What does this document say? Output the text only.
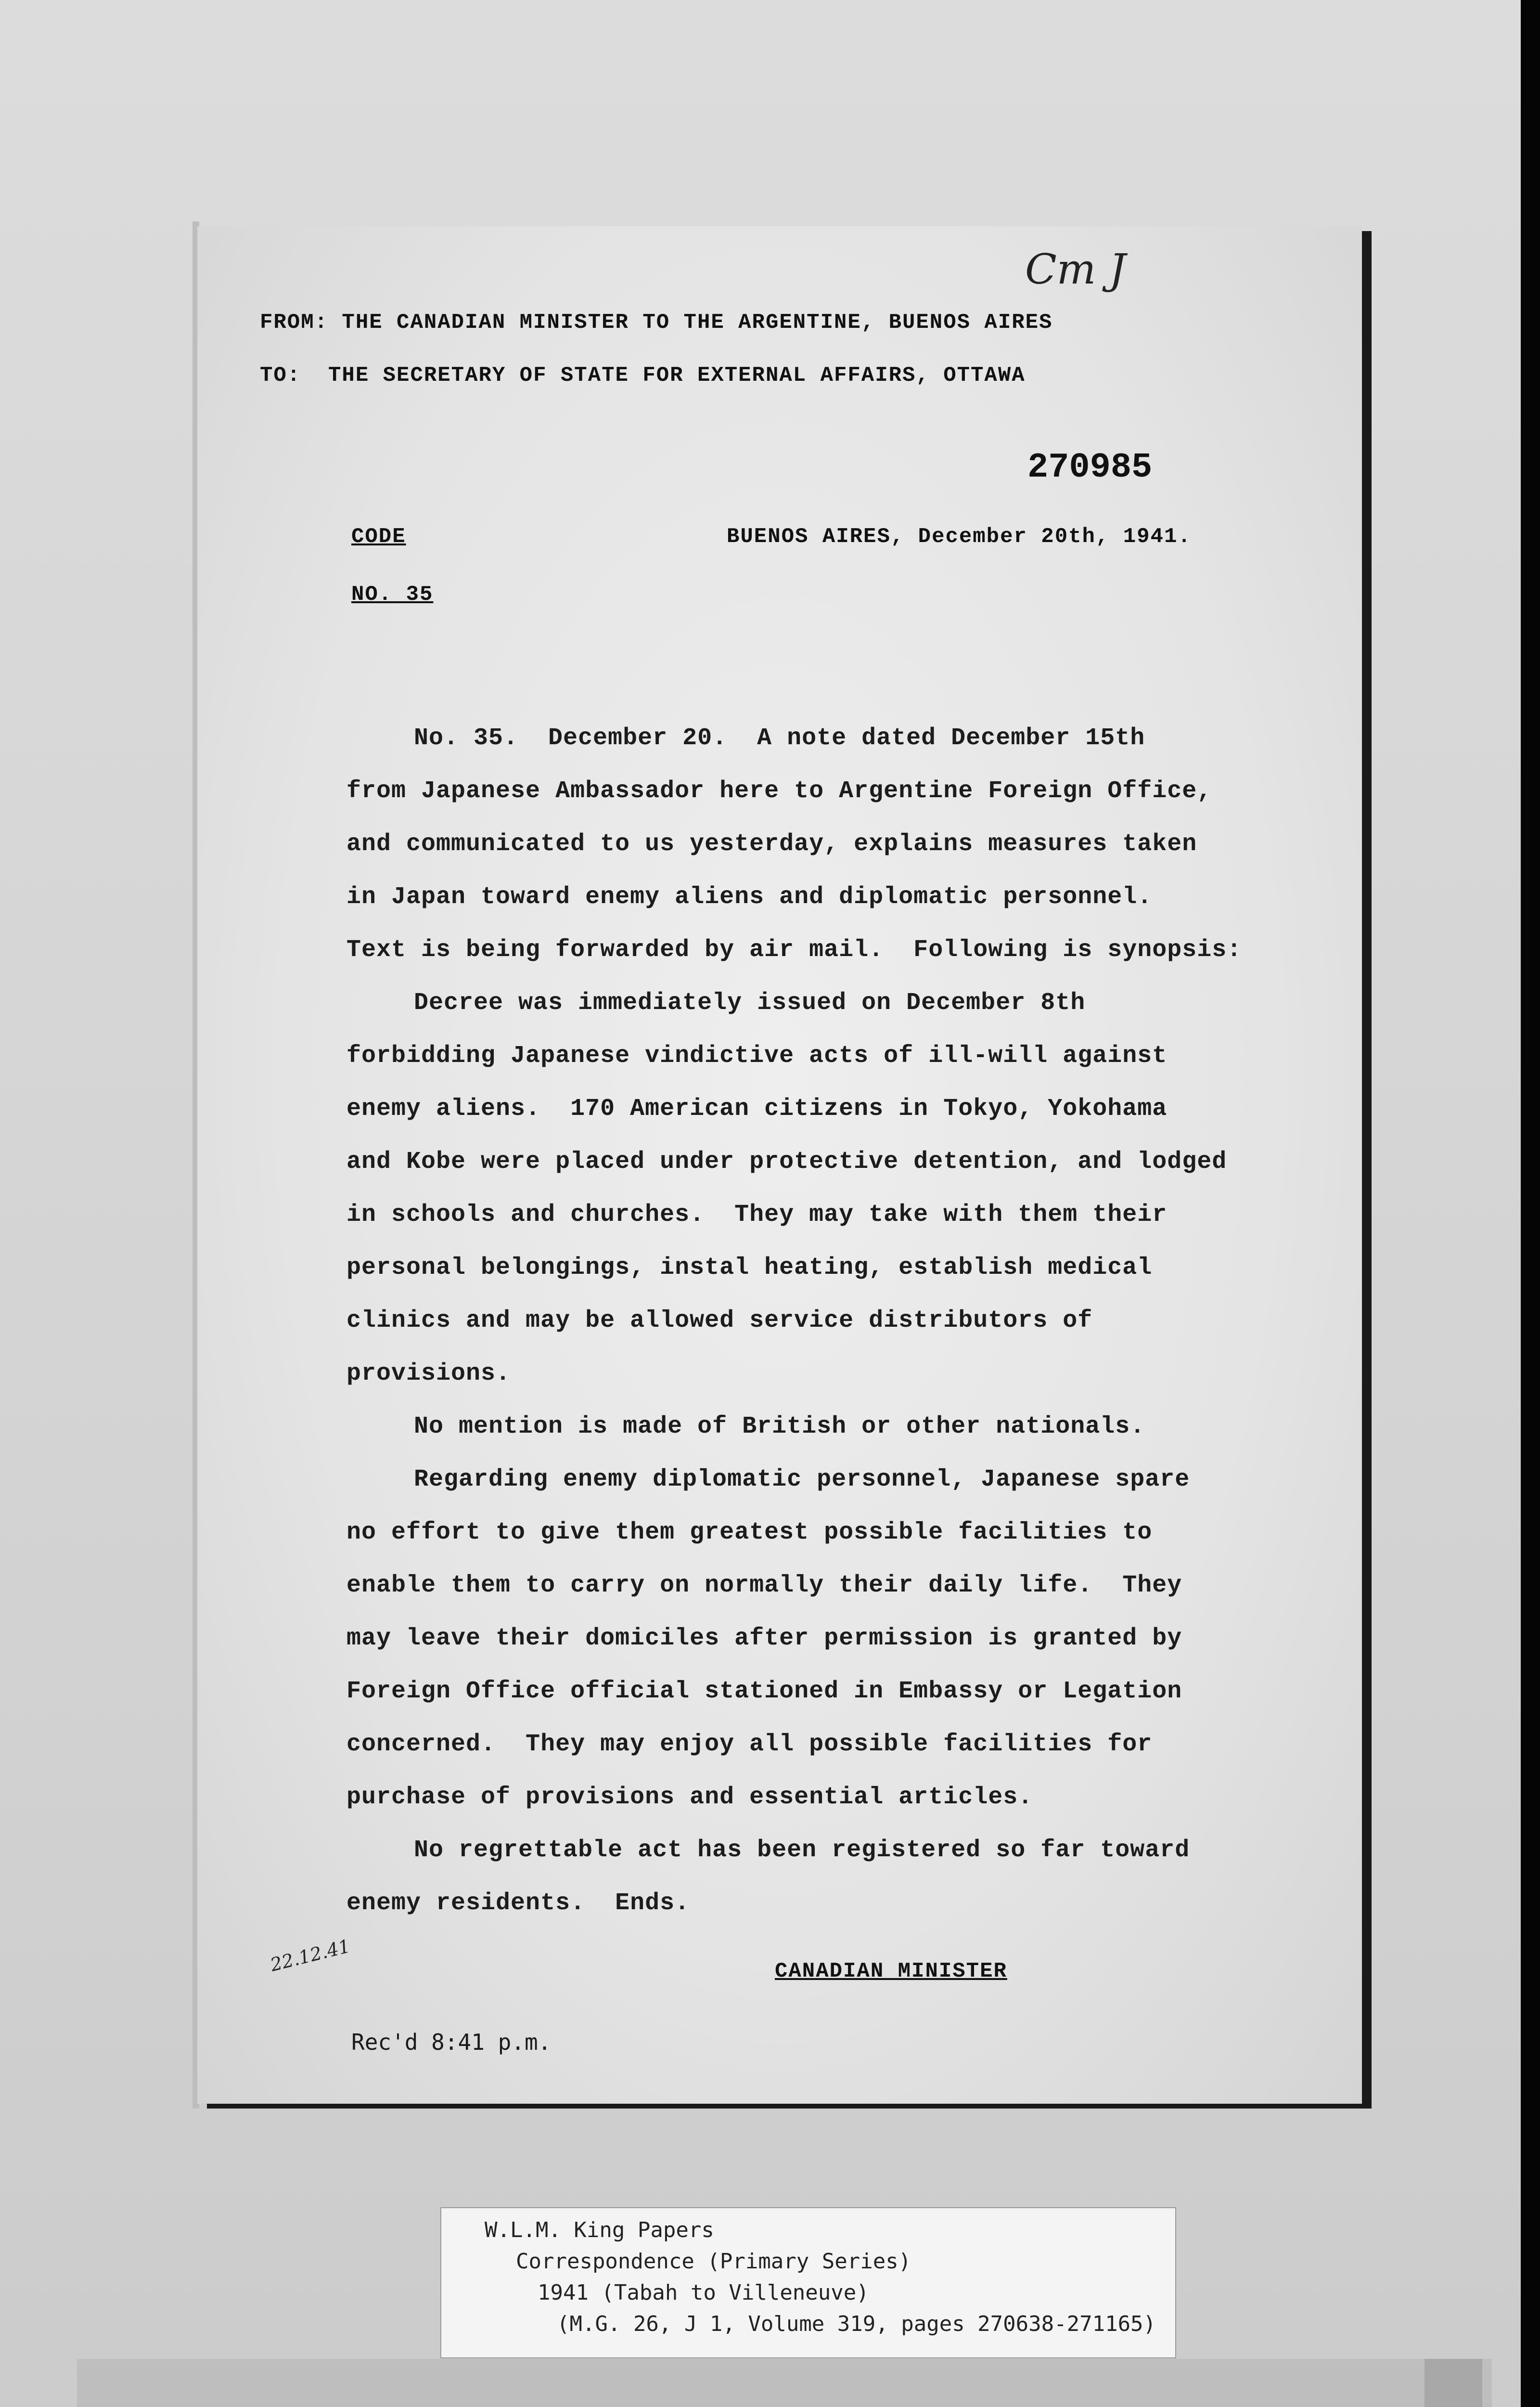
FROM: THE CANADIAN MINISTER TO THE ARGENTINE, BUENOS AIRES
TO:  THE SECRETARY OF STATE FOR EXTERNAL AFFAIRS, OTTAWA
270985
CODE	BUENOS AIRES, December 20th, 1941.
NO. 35
No. 35.  December 20.  A note dated December 15th
from Japanese Ambassador here to Argentine Foreign Office,
and communicated to us yesterday, explains measures taken
in Japan toward enemy aliens and diplomatic personnel.
Text is being forwarded by air mail.  Following is synopsis:
Decree was immediately issued on December 8th
forbidding Japanese vindictive acts of ill-will against
enemy aliens.  170 American citizens in Tokyo, Yokohama
and Kobe were placed under protective detention, and lodged
in schools and churches.  They may take with them their
personal belongings, instal heating, establish medical
clinics and may be allowed service distributors of
provisions.
No mention is made of British or other nationals.
Regarding enemy diplomatic personnel, Japanese spare
no effort to give them greatest possible facilities to
enable them to carry on normally their daily life.  They
may leave their domiciles after permission is granted by
Foreign Office official stationed in Embassy or Legation
concerned.  They may enjoy all possible facilities for
purchase of provisions and essential articles.
No regrettable act has been registered so far toward
enemy residents.  Ends.
CANADIAN MINISTER
Rec'd 8:41 p.m.
Cm J
22.12.41
W.L.M. King Papers
Correspondence (Primary Series)
1941 (Tabah to Villeneuve)
(M.G. 26, J 1, Volume 319, pages 270638-271165)
